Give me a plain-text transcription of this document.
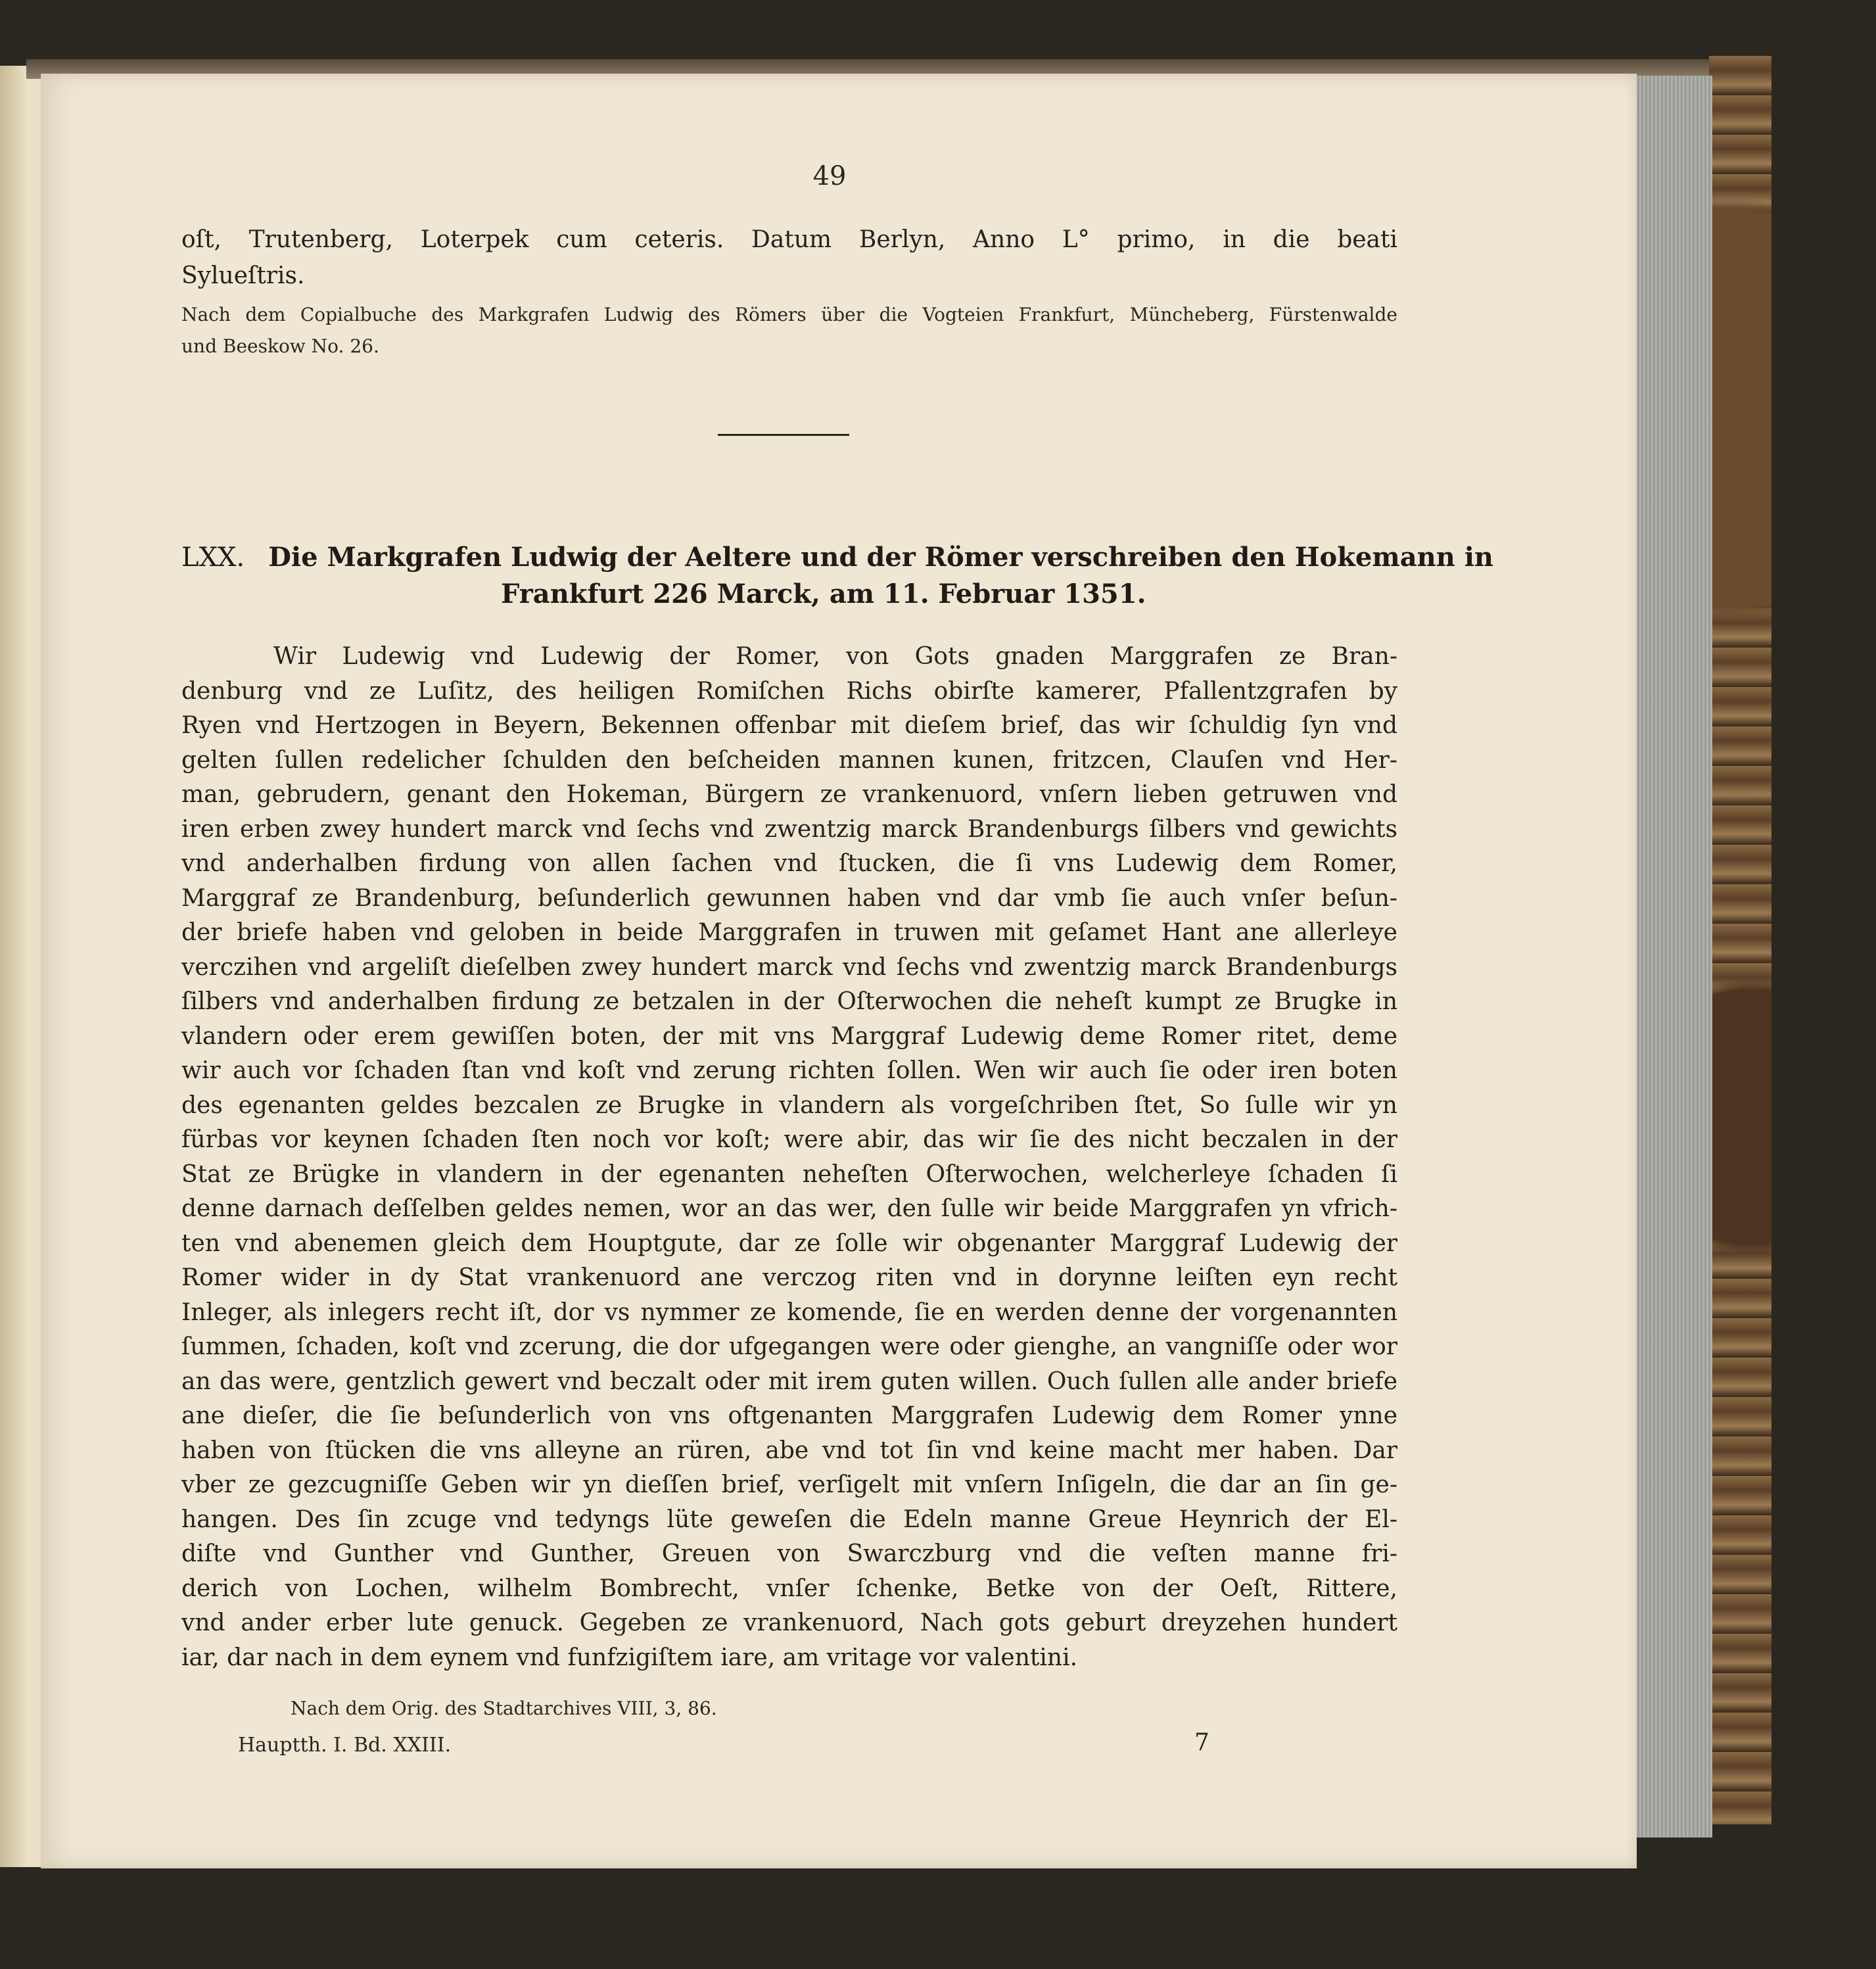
49
oſt, Trutenberg, Loterpek cum ceteris. Datum Berlyn, Anno L° primo, in die beati
Sylueſtris.
Nach dem Copialbuche des Markgrafen Ludwig des Römers über die Vogteien Frankfurt, Müncheberg, Fürstenwalde
und Beeskow No. 26.
LXX. Die Markgrafen Ludwig der Aeltere und der Römer verschreiben den Hokemann in
Frankfurt 226 Marck, am 11. Februar 1351.
Wir Ludewig vnd Ludewig der Romer, von Gots gnaden Marggrafen ze Bran-
denburg vnd ze Luſitz, des heiligen Romiſchen Richs obirſte kamerer, Pfallentzgrafen by
Ryen vnd Hertzogen in Beyern, Bekennen offenbar mit dieſem brief, das wir ſchuldig ſyn vnd
gelten ſullen redelicher ſchulden den beſcheiden mannen kunen, fritzcen, Clauſen vnd Her-
man, gebrudern, genant den Hokeman, Bürgern ze vrankenuord, vnſern lieben getruwen vnd
iren erben zwey hundert marck vnd ſechs vnd zwentzig marck Brandenburgs ſilbers vnd gewichts
vnd anderhalben firdung von allen ſachen vnd ſtucken, die ſi vns Ludewig dem Romer,
Marggraf ze Brandenburg, beſunderlich gewunnen haben vnd dar vmb ſie auch vnſer beſun-
der briefe haben vnd geloben in beide Marggrafen in truwen mit geſamet Hant ane allerleye
verczihen vnd argeliſt dieſelben zwey hundert marck vnd ſechs vnd zwentzig marck Brandenburgs
ſilbers vnd anderhalben firdung ze betzalen in der Oſterwochen die neheſt kumpt ze Brugke in
vlandern oder erem gewiſſen boten, der mit vns Marggraf Ludewig deme Romer ritet, deme
wir auch vor ſchaden ſtan vnd koſt vnd zerung richten ſollen. Wen wir auch ſie oder iren boten
des egenanten geldes bezcalen ze Brugke in vlandern als vorgeſchriben ſtet, So ſulle wir yn
fürbas vor keynen ſchaden ſten noch vor koſt; were abir, das wir ſie des nicht beczalen in der
Stat ze Brügke in vlandern in der egenanten neheſten Oſterwochen, welcherleye ſchaden ſi
denne darnach deſſelben geldes nemen, wor an das wer, den ſulle wir beide Marggrafen yn vfrich-
ten vnd abenemen gleich dem Houptgute, dar ze ſolle wir obgenanter Marggraf Ludewig der
Romer wider in dy Stat vrankenuord ane verczog riten vnd in dorynne leiſten eyn recht
Inleger, als inlegers recht iſt, dor vs nymmer ze komende, ſie en werden denne der vorgenannten
ſummen, ſchaden, koſt vnd zcerung, die dor ufgegangen were oder gienghe, an vangniſſe oder wor
an das were, gentzlich gewert vnd beczalt oder mit irem guten willen. Ouch ſullen alle ander briefe
ane dieſer, die ſie beſunderlich von vns oftgenanten Marggrafen Ludewig dem Romer ynne
haben von ſtücken die vns alleyne an rüren, abe vnd tot ſin vnd keine macht mer haben. Dar
vber ze gezcugniſſe Geben wir yn dieſſen brief, verſigelt mit vnſern Inſigeln, die dar an ſin ge-
hangen. Des ſin zcuge vnd tedyngs lüte geweſen die Edeln manne Greue Heynrich der El-
diſte vnd Gunther vnd Gunther, Greuen von Swarczburg vnd die veſten manne fri-
derich von Lochen, wilhelm Bombrecht, vnſer ſchenke, Betke von der Oeſt, Rittere,
vnd ander erber lute genuck. Gegeben ze vrankenuord, Nach gots geburt dreyzehen hundert
iar, dar nach in dem eynem vnd funfzigiſtem iare, am vritage vor valentini.
Nach dem Orig. des Stadtarchives VIII, 3, 86.
Hauptth. I. Bd. XXIII.	7
